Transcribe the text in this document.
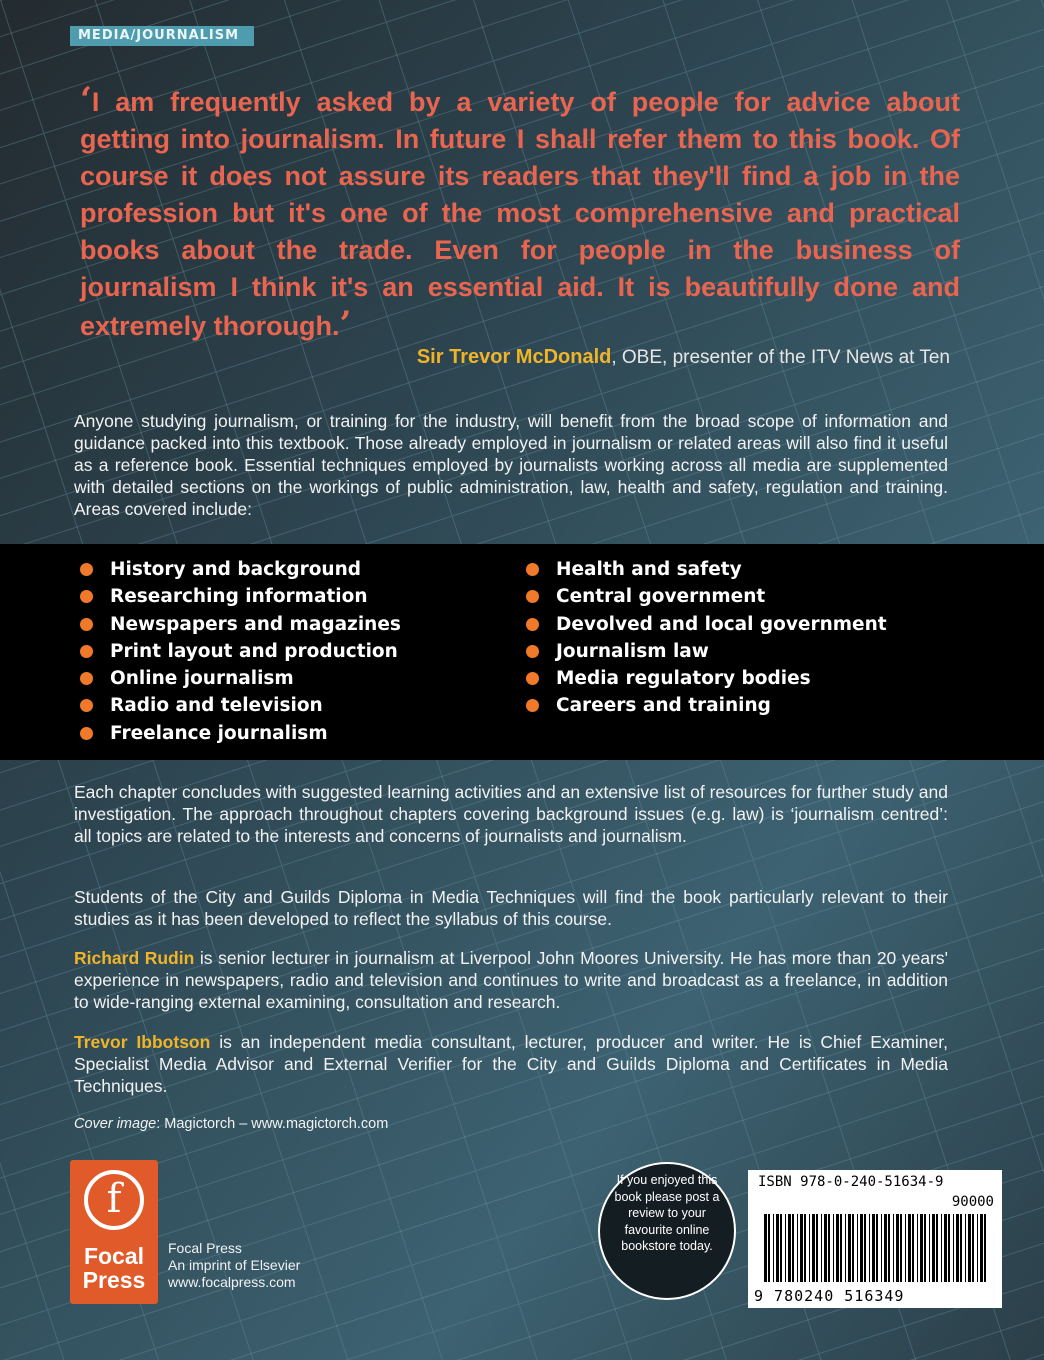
MEDIA/JOURNALISM

‘I am frequently asked by a variety of people for advice about getting into journalism. In future I shall refer them to this book. Of course it does not assure its readers that they'll find a job in the profession but it's one of the most comprehensive and practical books about the trade. Even for people in the business of journalism I think it's an essential aid. It is beautifully done and extremely thorough.’

Sir Trevor McDonald, OBE, presenter of the ITV News at Ten

Anyone studying journalism, or training for the industry, will benefit from the broad scope of information and guidance packed into this textbook. Those already employed in journalism or related areas will also find it useful as a reference book. Essential techniques employed by journalists working across all media are supplemented with detailed sections on the workings of public administration, law, health and safety, regulation and training. Areas covered include:

History and background
Researching information
Newspapers and magazines
Print layout and production
Online journalism
Radio and television
Freelance journalism
Health and safety
Central government
Devolved and local government
Journalism law
Media regulatory bodies
Careers and training

Each chapter concludes with suggested learning activities and an extensive list of resources for further study and investigation. The approach throughout chapters covering background issues (e.g. law) is ‘journalism centred’: all topics are related to the interests and concerns of journalists and journalism.

Students of the City and Guilds Diploma in Media Techniques will find the book particularly relevant to their studies as it has been developed to reflect the syllabus of this course.

Richard Rudin is senior lecturer in journalism at Liverpool John Moores University. He has more than 20 years' experience in newspapers, radio and television and continues to write and broadcast as a freelance, in addition to wide-ranging external examining, consultation and research.

Trevor Ibbotson is an independent media consultant, lecturer, producer and writer. He is Chief Examiner, Specialist Media Advisor and External Verifier for the City and Guilds Diploma and Certificates in Media Techniques.

Cover image: Magictorch – www.magictorch.com
f
Focal
Press
Focal Press
An imprint of Elsevier
www.focalpress.com
If you enjoyed this book please post a review to your favourite online bookstore today.
ISBN 978-0-240-51634-9
90000
9 780240 516349
